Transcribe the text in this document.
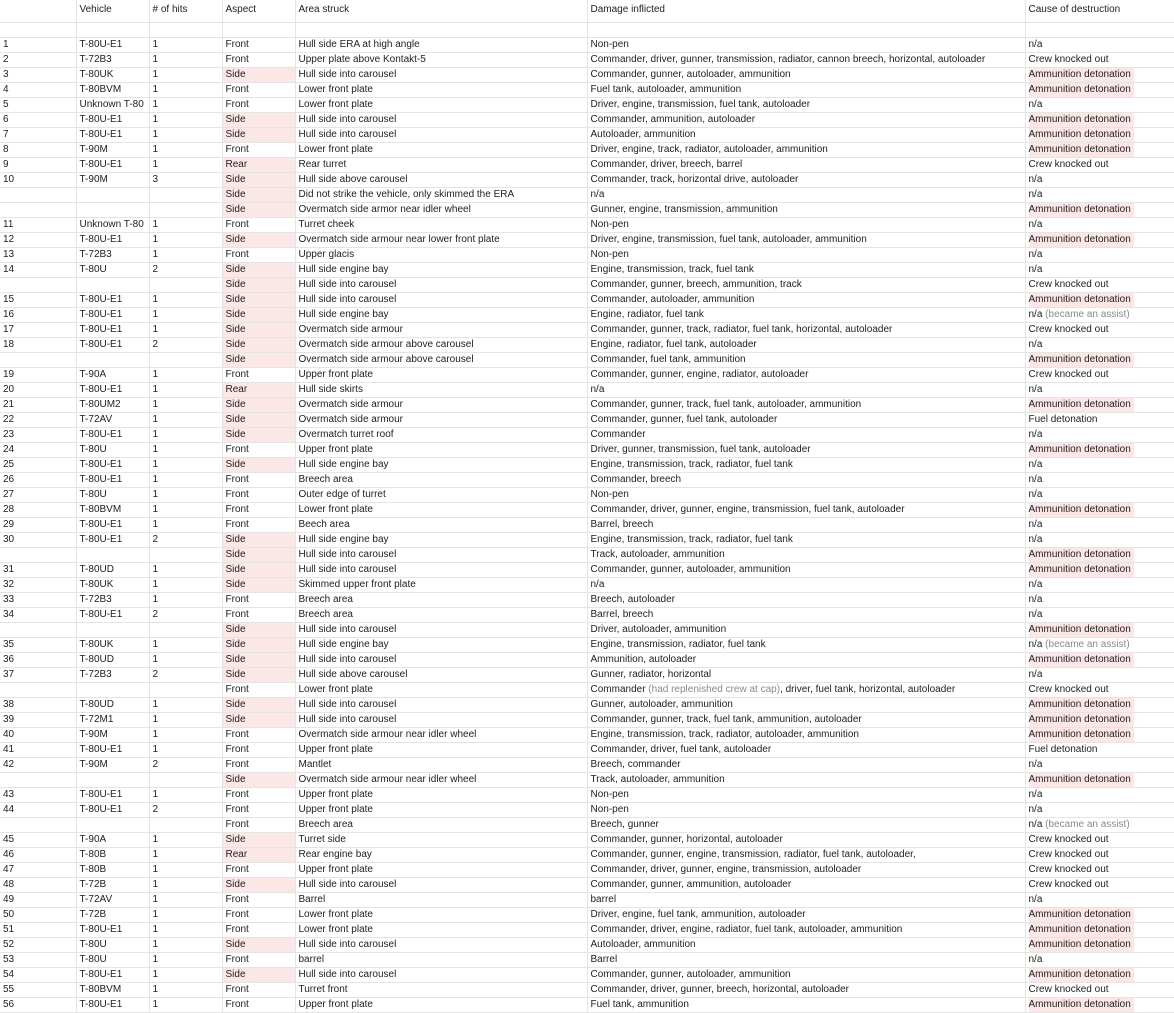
	Vehicle	# of hits	Aspect	Area struck	Damage inflicted	Cause of destruction

1	T-80U-E1	1	Front	Hull side ERA at high angle	Non-pen	n/a
2	T-72B3	1	Front	Upper plate above Kontakt-5	Commander, driver, gunner, transmission, radiator, cannon breech, horizontal, autoloader	Crew knocked out
3	T-80UK	1	Side	Hull side into carousel	Commander, gunner, autoloader, ammunition	Ammunition detonation
4	T-80BVM	1	Front	Lower front plate	Fuel tank, autoloader, ammunition	Ammunition detonation
5	Unknown T-80	1	Front	Lower front plate	Driver, engine, transmission, fuel tank, autoloader	n/a
6	T-80U-E1	1	Side	Hull side into carousel	Commander, ammunition, autoloader	Ammunition detonation
7	T-80U-E1	1	Side	Hull side into carousel	Autoloader, ammunition	Ammunition detonation
8	T-90M	1	Front	Lower front plate	Driver, engine, track, radiator, autoloader, ammunition	Ammunition detonation
9	T-80U-E1	1	Rear	Rear turret	Commander, driver, breech, barrel	Crew knocked out
10	T-90M	3	Side	Hull side above carousel	Commander, track, horizontal drive, autoloader	n/a
			Side	Did not strike the vehicle, only skimmed the ERA	n/a	n/a
			Side	Overmatch side armor near idler wheel	Gunner, engine, transmission, ammunition	Ammunition detonation
11	Unknown T-80	1	Front	Turret cheek	Non-pen	n/a
12	T-80U-E1	1	Side	Overmatch side armour near lower front plate	Driver, engine, transmission, fuel tank, autoloader, ammunition	Ammunition detonation
13	T-72B3	1	Front	Upper glacis	Non-pen	n/a
14	T-80U	2	Side	Hull side engine bay	Engine, transmission, track, fuel tank	n/a
			Side	Hull side into carousel	Commander, gunner, breech, ammunition, track	Crew knocked out
15	T-80U-E1	1	Side	Hull side into carousel	Commander, autoloader, ammunition	Ammunition detonation
16	T-80U-E1	1	Side	Hull side engine bay	Engine, radiator, fuel tank	n/a (became an assist)
17	T-80U-E1	1	Side	Overmatch side armour	Commander, gunner, track, radiator, fuel tank, horizontal, autoloader	Crew knocked out
18	T-80U-E1	2	Side	Overmatch side armour above carousel	Engine, radiator, fuel tank, autoloader	n/a
			Side	Overmatch side armour above carousel	Commander, fuel tank, ammunition	Ammunition detonation
19	T-90A	1	Front	Upper front plate	Commander, gunner, engine, radiator, autoloader	Crew knocked out
20	T-80U-E1	1	Rear	Hull side skirts	n/a	n/a
21	T-80UM2	1	Side	Overmatch side armour	Commander, gunner, track, fuel tank, autoloader, ammunition	Ammunition detonation
22	T-72AV	1	Side	Overmatch side armour	Commander, gunner, fuel tank, autoloader	Fuel detonation
23	T-80U-E1	1	Side	Overmatch turret roof	Commander	n/a
24	T-80U	1	Front	Upper front plate	Driver, gunner, transmission, fuel tank, autoloader	Ammunition detonation
25	T-80U-E1	1	Side	Hull side engine bay	Engine, transmission, track, radiator, fuel tank	n/a
26	T-80U-E1	1	Front	Breech area	Commander, breech	n/a
27	T-80U	1	Front	Outer edge of turret	Non-pen	n/a
28	T-80BVM	1	Front	Lower front plate	Commander, driver, gunner, engine, transmission, fuel tank, autoloader	Ammunition detonation
29	T-80U-E1	1	Front	Beech area	Barrel, breech	n/a
30	T-80U-E1	2	Side	Hull side engine bay	Engine, transmission, track, radiator, fuel tank	n/a
			Side	Hull side into carousel	Track, autoloader, ammunition	Ammunition detonation
31	T-80UD	1	Side	Hull side into carousel	Commander, gunner, autoloader, ammunition	Ammunition detonation
32	T-80UK	1	Side	Skimmed upper front plate	n/a	n/a
33	T-72B3	1	Front	Breech area	Breech, autoloader	n/a
34	T-80U-E1	2	Front	Breech area	Barrel, breech	n/a
			Side	Hull side into carousel	Driver, autoloader, ammunition	Ammunition detonation
35	T-80UK	1	Side	Hull side engine bay	Engine, transmission, radiator, fuel tank	n/a (became an assist)
36	T-80UD	1	Side	Hull side into carousel	Ammunition, autoloader	Ammunition detonation
37	T-72B3	2	Side	Hull side above carousel	Gunner, radiator, horizontal	n/a
			Front	Lower front plate	Commander (had replenished crew at cap), driver, fuel tank, horizontal, autoloader	Crew knocked out
38	T-80UD	1	Side	Hull side into carousel	Gunner, autoloader, ammunition	Ammunition detonation
39	T-72M1	1	Side	Hull side into carousel	Commander, gunner, track, fuel tank, ammunition, autoloader	Ammunition detonation
40	T-90M	1	Front	Overmatch side armour near idler wheel	Engine, transmission, track, radiator, autoloader, ammunition	Ammunition detonation
41	T-80U-E1	1	Front	Upper front plate	Commander, driver, fuel tank, autoloader	Fuel detonation
42	T-90M	2	Front	Mantlet	Breech, commander	n/a
			Side	Overmatch side armour near idler wheel	Track, autoloader, ammunition	Ammunition detonation
43	T-80U-E1	1	Front	Upper front plate	Non-pen	n/a
44	T-80U-E1	2	Front	Upper front plate	Non-pen	n/a
			Front	Breech area	Breech, gunner	n/a (became an assist)
45	T-90A	1	Side	Turret side	Commander, gunner, horizontal, autoloader	Crew knocked out
46	T-80B	1	Rear	Rear engine bay	Commander, gunner, engine, transmission, radiator, fuel tank, autoloader,	Crew knocked out
47	T-80B	1	Front	Upper front plate	Commander, driver, gunner, engine, transmission, autoloader	Crew knocked out
48	T-72B	1	Side	Hull side into carousel	Commander, gunner, ammunition, autoloader	Crew knocked out
49	T-72AV	1	Front	Barrel	barrel	n/a
50	T-72B	1	Front	Lower front plate	Driver, engine, fuel tank, ammunition, autoloader	Ammunition detonation
51	T-80U-E1	1	Front	Lower front plate	Commander, driver, engine, radiator, fuel tank, autoloader, ammunition	Ammunition detonation
52	T-80U	1	Side	Hull side into carousel	Autoloader, ammunition	Ammunition detonation
53	T-80U	1	Front	barrel	Barrel	n/a
54	T-80U-E1	1	Side	Hull side into carousel	Commander, gunner, autoloader, ammunition	Ammunition detonation
55	T-80BVM	1	Front	Turret front	Commander, driver, gunner, breech, horizontal, autoloader	Crew knocked out
56	T-80U-E1	1	Front	Upper front plate	Fuel tank, ammunition	Ammunition detonation
